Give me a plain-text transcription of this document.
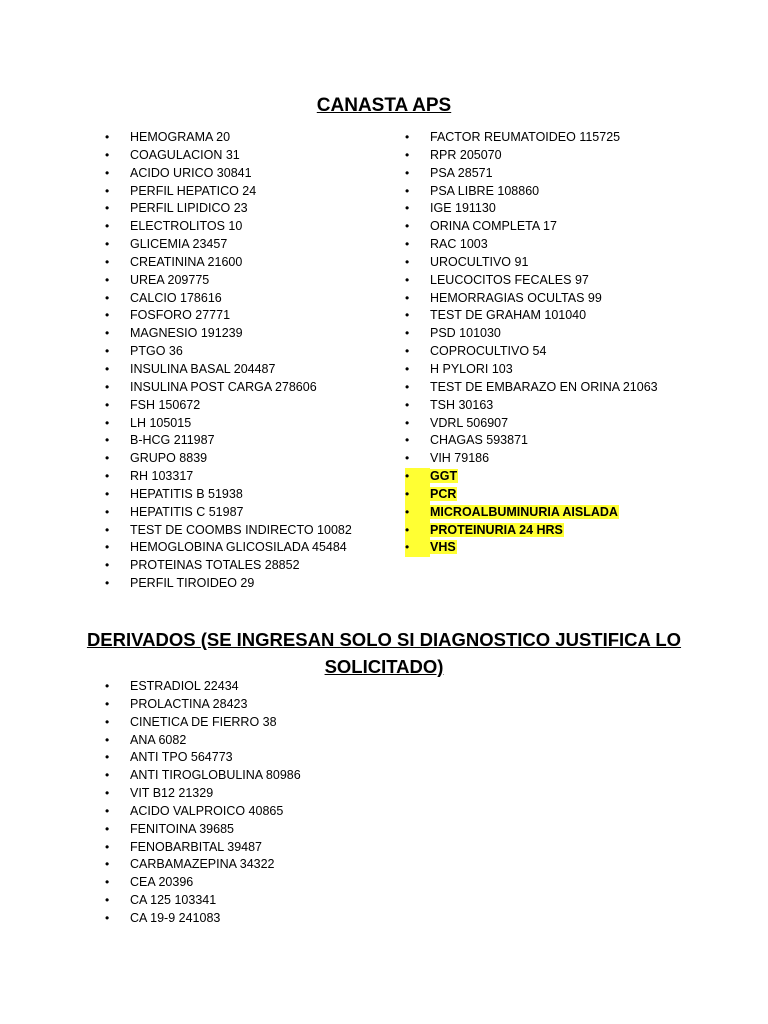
CANASTA APS
•	HEMOGRAMA 20
•	COAGULACION 31
•	ACIDO URICO 30841
•	PERFIL HEPATICO 24
•	PERFIL LIPIDICO 23
•	ELECTROLITOS 10
•	GLICEMIA 23457
•	CREATININA 21600
•	UREA 209775
•	CALCIO 178616
•	FOSFORO 27771
•	MAGNESIO 191239
•	PTGO 36
•	INSULINA BASAL 204487
•	INSULINA POST CARGA 278606
•	FSH 150672
•	LH 105015
•	B-HCG 211987
•	GRUPO 8839
•	RH 103317
•	HEPATITIS B 51938
•	HEPATITIS C 51987
•	TEST DE COOMBS INDIRECTO 10082
•	HEMOGLOBINA GLICOSILADA 45484
•	PROTEINAS TOTALES 28852
•	PERFIL TIROIDEO 29
•	FACTOR REUMATOIDEO 115725
•	RPR 205070
•	PSA 28571
•	PSA LIBRE 108860
•	IGE 191130
•	ORINA COMPLETA 17
•	RAC 1003
•	UROCULTIVO 91
•	LEUCOCITOS FECALES 97
•	HEMORRAGIAS OCULTAS 99
•	TEST DE GRAHAM 101040
•	PSD 101030
•	COPROCULTIVO 54
•	H PYLORI 103
•	TEST DE EMBARAZO EN ORINA 21063
•	TSH 30163
•	VDRL 506907
•	CHAGAS 593871
•	VIH 79186
•	GGT
•	PCR
•	MICROALBUMINURIA AISLADA
•	PROTEINURIA 24 HRS
•	VHS
DERIVADOS (SE INGRESAN SOLO SI DIAGNOSTICO JUSTIFICA LO SOLICITADO)
•	ESTRADIOL 22434
•	PROLACTINA 28423
•	CINETICA DE FIERRO 38
•	ANA 6082
•	ANTI TPO 564773
•	ANTI TIROGLOBULINA 80986
•	VIT B12 21329
•	ACIDO VALPROICO 40865
•	FENITOINA 39685
•	FENOBARBITAL 39487
•	CARBAMAZEPINA 34322
•	CEA 20396
•	CA 125 103341
•	CA 19-9 241083
